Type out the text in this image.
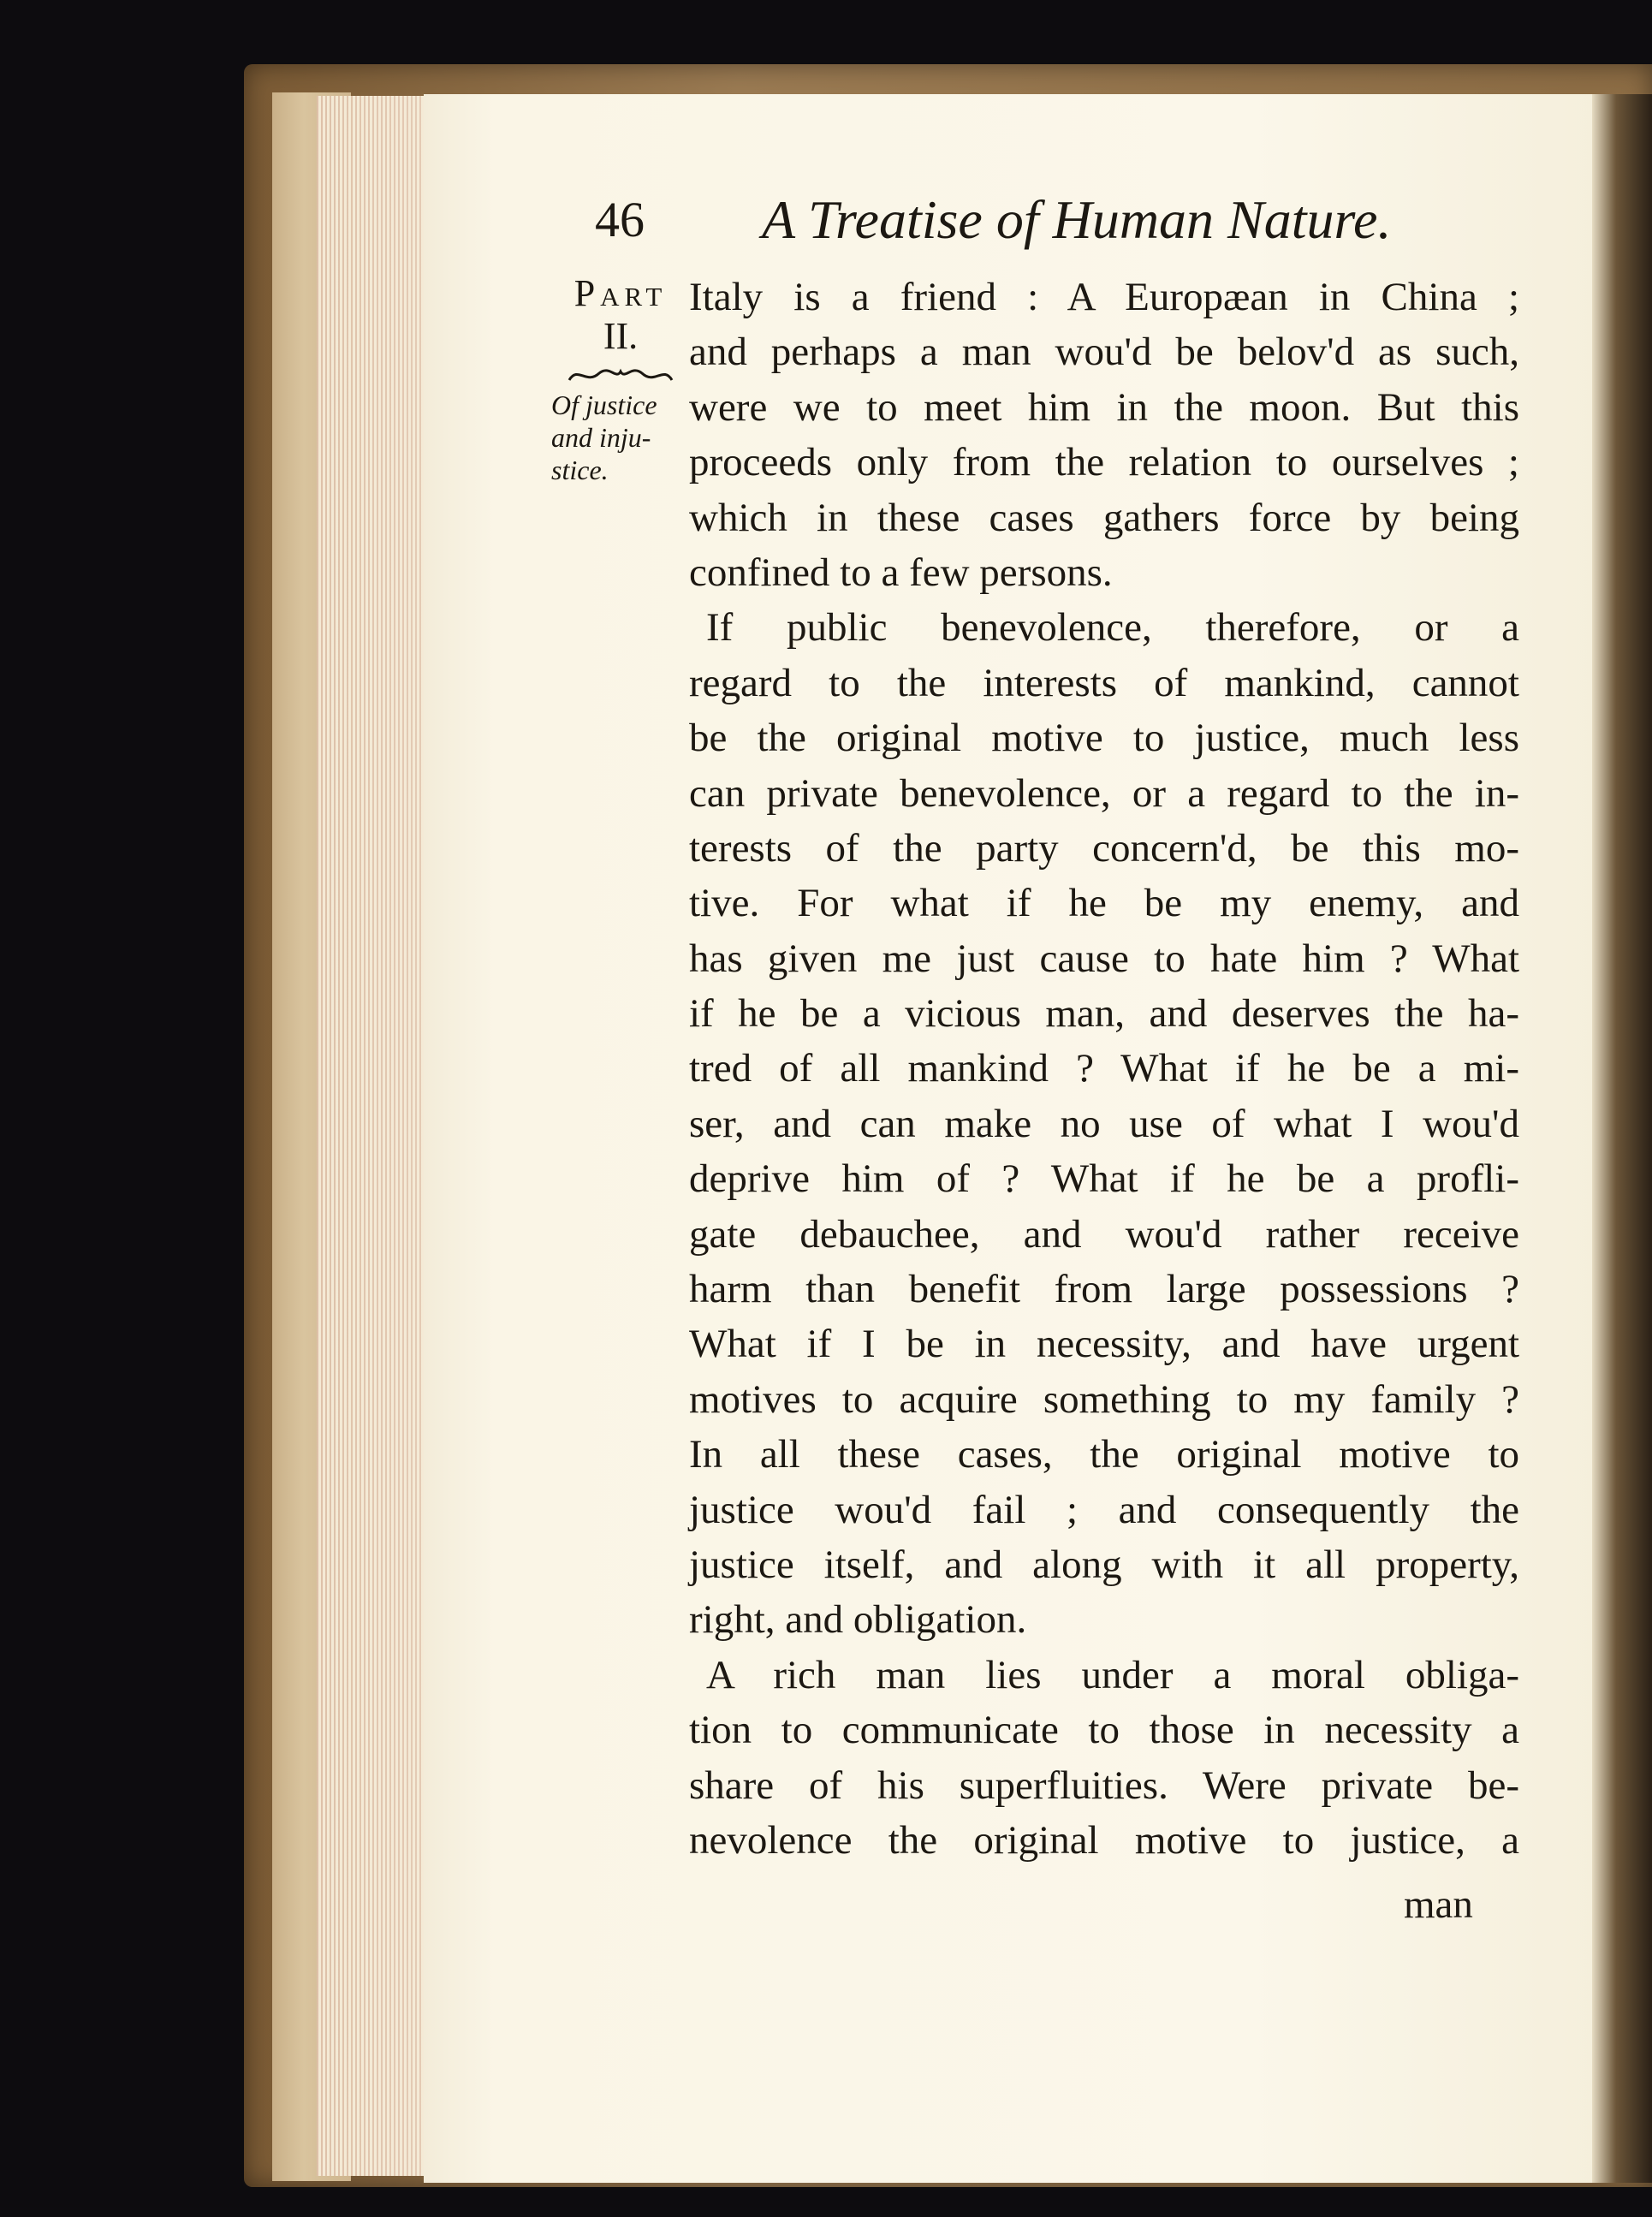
46 A Treatise of Human Nature.
Part
II.
Of justice
and inju-
stice.
Italy is a friend : A Europæan in China ;
and perhaps a man wou'd be belov'd as such,
were we to meet him in the moon. But this
proceeds only from the relation to ourselves ;
which in these cases gathers force by being
confined to a few persons.
If public benevolence, therefore, or a
regard to the interests of mankind, cannot
be the original motive to justice, much less
can private benevolence, or a regard to the in-
terests of the party concern'd, be this mo-
tive. For what if he be my enemy, and
has given me just cause to hate him ? What
if he be a vicious man, and deserves the ha-
tred of all mankind ? What if he be a mi-
ser, and can make no use of what I wou'd
deprive him of ? What if he be a profli-
gate debauchee, and wou'd rather receive
harm than benefit from large possessions ?
What if I be in necessity, and have urgent
motives to acquire something to my family ?
In all these cases, the original motive to
justice wou'd fail ; and consequently the
justice itself, and along with it all property,
right, and obligation.
A rich man lies under a moral obliga-
tion to communicate to those in necessity a
share of his superfluities. Were private be-
nevolence the original motive to justice, a
man
